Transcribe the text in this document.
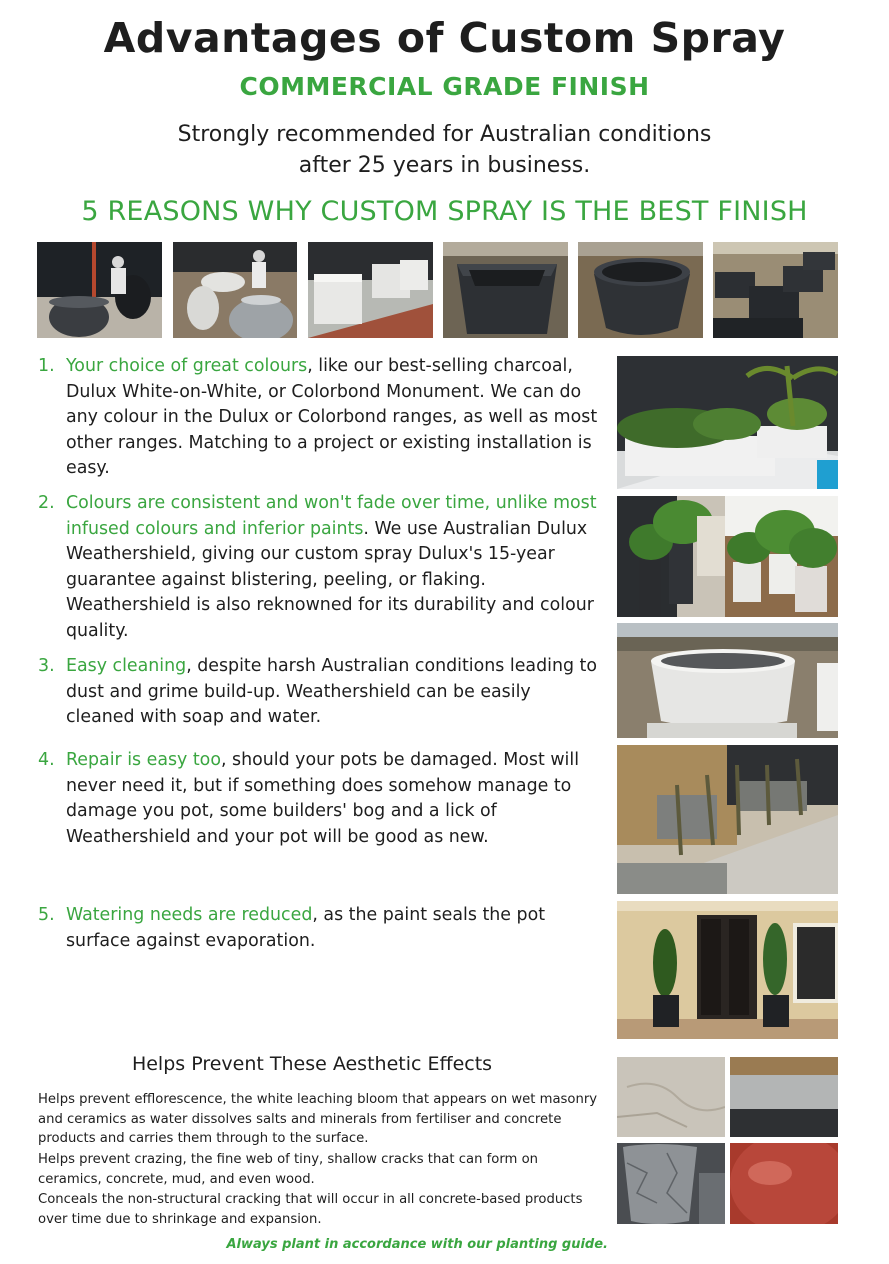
Advantages of Custom Spray
COMMERCIAL GRADE FINISH
Strongly recommended for Australian conditions
after 25 years in business.
5 REASONS WHY CUSTOM SPRAY IS THE BEST FINISH
1. Your choice of great colours, like our best-selling charcoal, Dulux White-on-White, or Colorbond Monument. We can do any colour in the Dulux or Colorbond ranges, as well as most other ranges. Matching to a project or existing installation is easy.
2. Colours are consistent and won't fade over time, unlike most infused colours and inferior paints. We use Australian Dulux Weathershield, giving our custom spray Dulux's 15-year guarantee against blistering, peeling, or flaking. Weathershield is also reknowned for its durability and colour quality.
3. Easy cleaning, despite harsh Australian conditions leading to dust and grime build-up. Weathershield can be easily cleaned with soap and water.
4. Repair is easy too, should your pots be damaged. Most will never need it, but if something does somehow manage to damage you pot, some builders' bog and a lick of Weathershield and your pot will be good as new.
5. Watering needs are reduced, as the paint seals the pot surface against evaporation.
Helps Prevent These Aesthetic Effects
Helps prevent efflorescence, the white leaching bloom that appears on wet masonry and ceramics as water dissolves salts and minerals from fertiliser and concrete products and carries them through to the surface.
Helps prevent crazing, the fine web of tiny, shallow cracks that can form on ceramics, concrete, mud, and even wood.
Conceals the non-structural cracking that will occur in all concrete-based products over time due to shrinkage and expansion.
Always plant in accordance with our planting guide.
